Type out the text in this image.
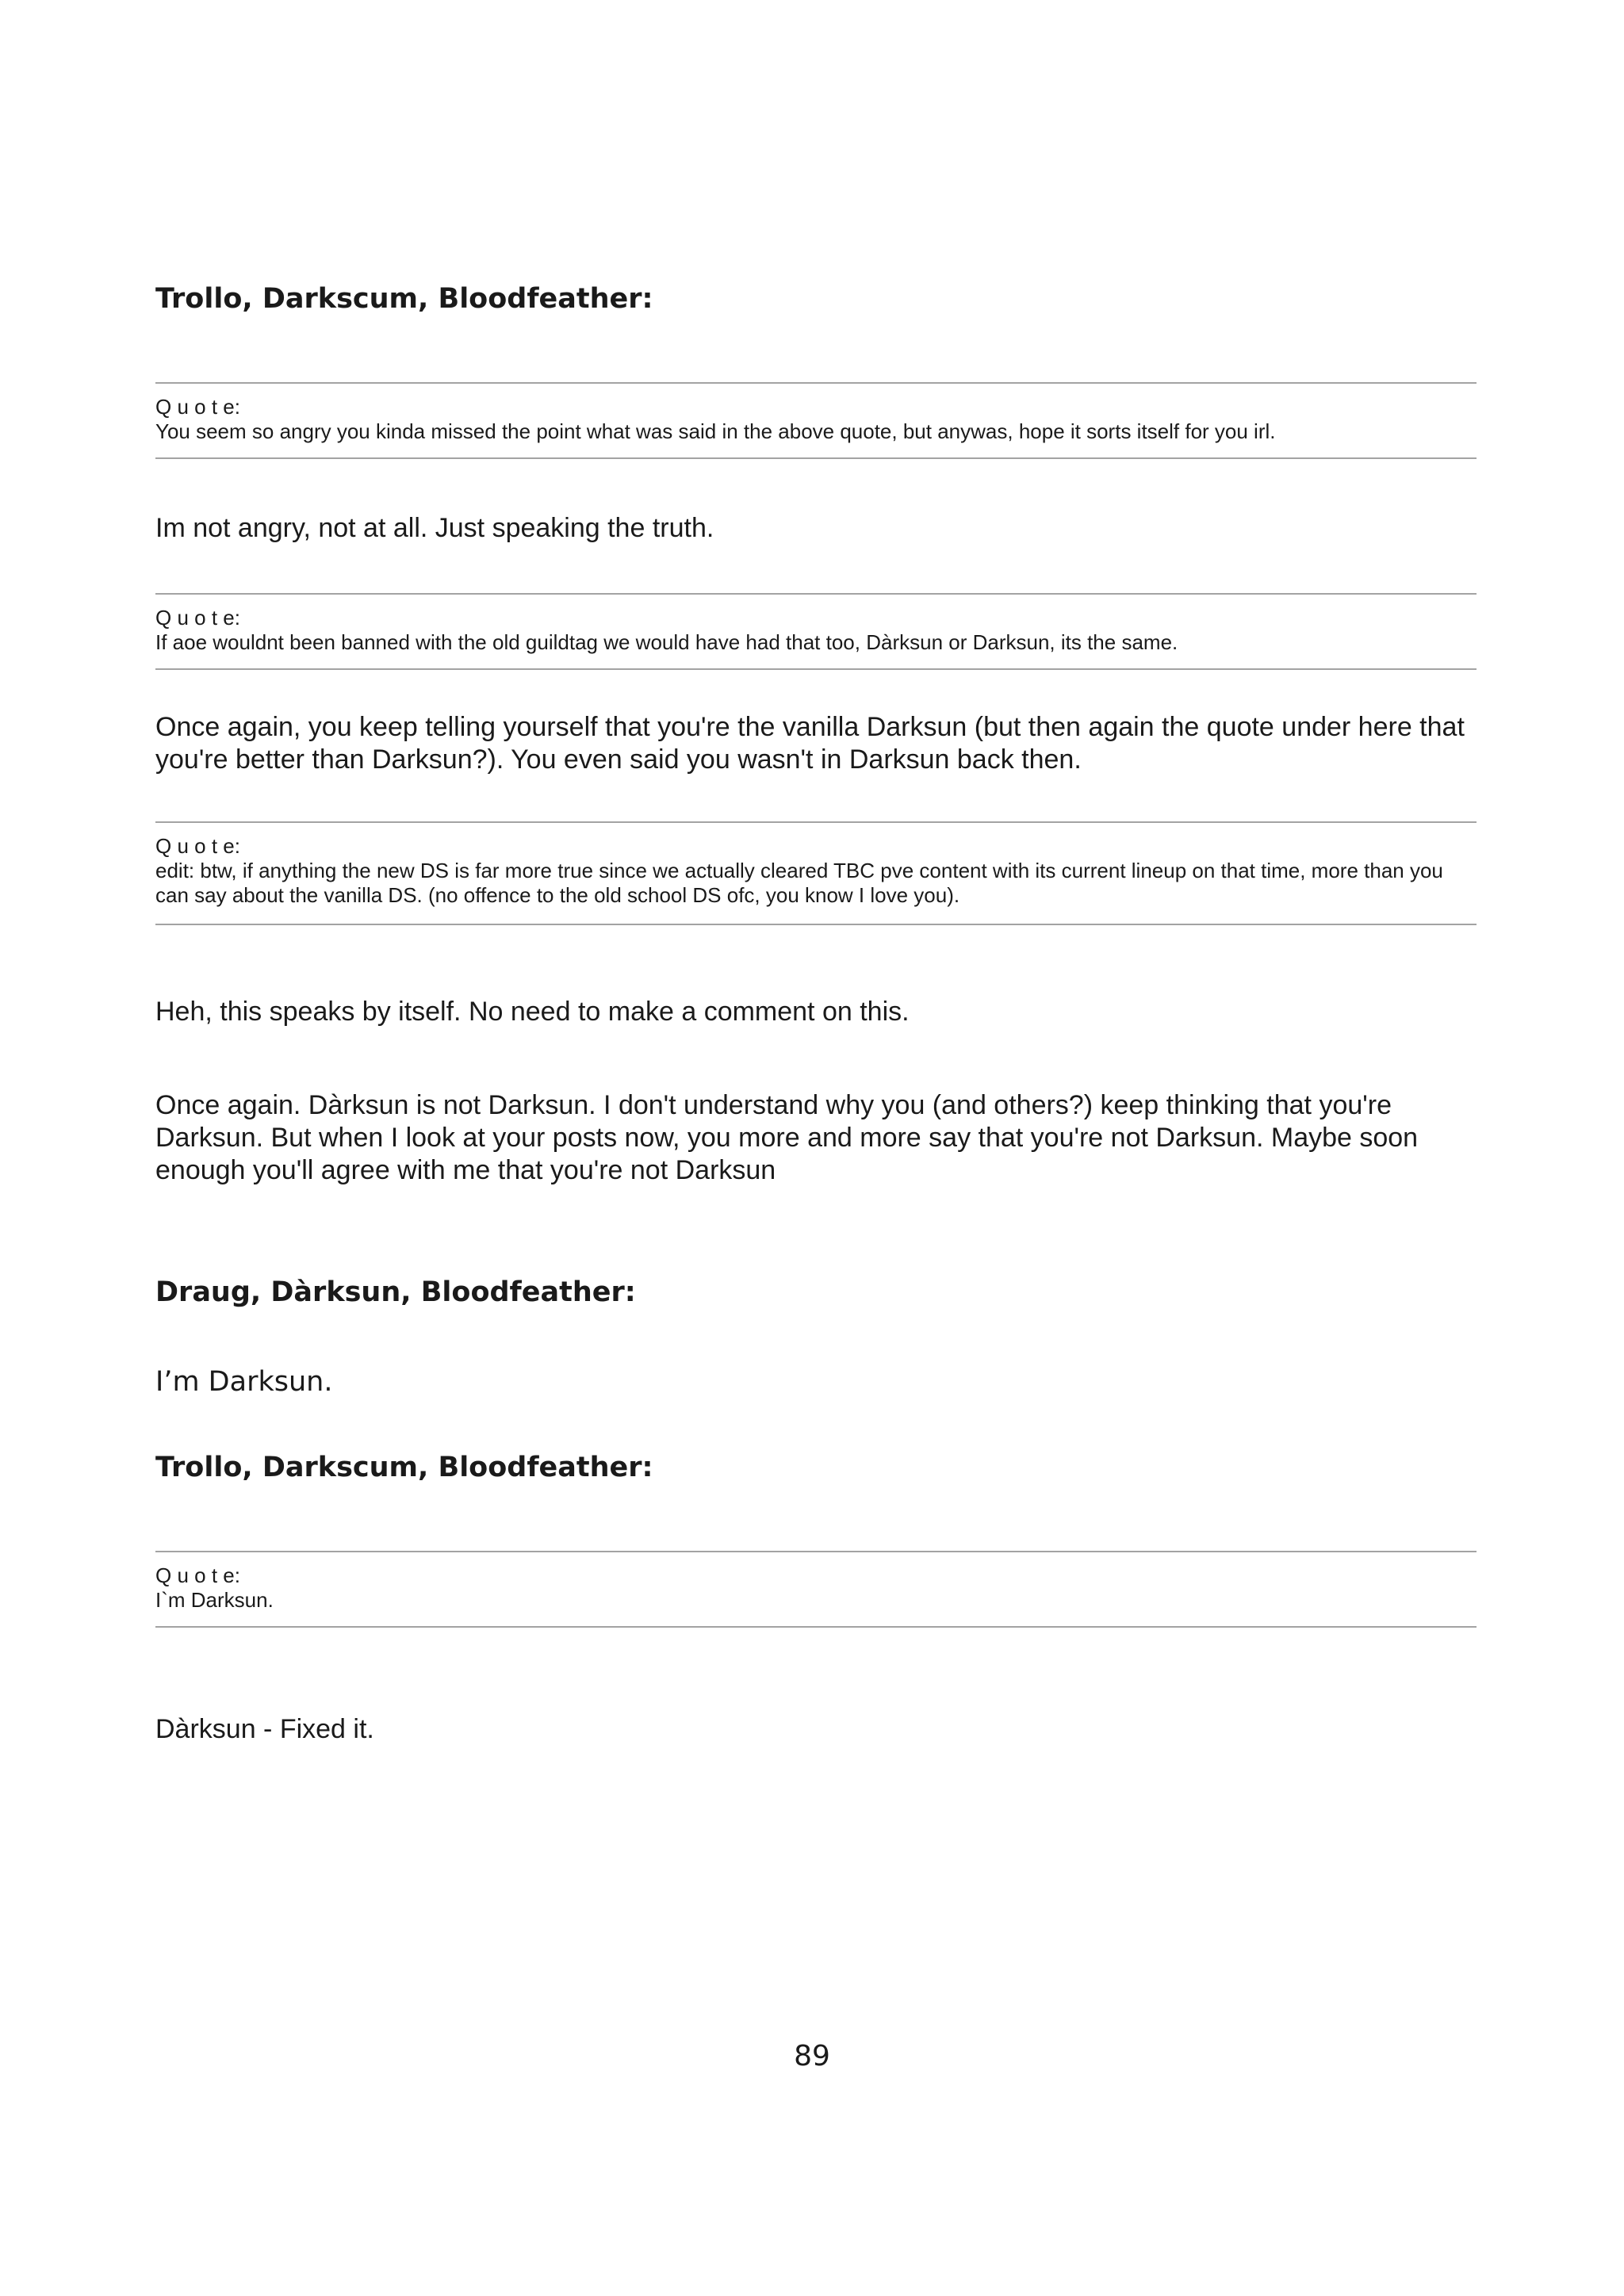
Trollo, Darkscum, Bloodfeather:

Q u o t e:

You seem so angry you kinda missed the point what was said in the above quote, but anywas, hope it sorts itself for you irl.

Im not angry, not at all. Just speaking the truth.

Q u o t e:

If aoe wouldnt been banned with the old guildtag we would have had that too, Dàrksun or Darksun, its the same.

Once again, you keep telling yourself that you're the vanilla Darksun (but then again the quote under here that you're better than Darksun?). You even said you wasn't in Darksun back then.

Q u o t e:

edit: btw, if anything the new DS is far more true since we actually cleared TBC pve content with its current lineup on that time, more than you can say about the vanilla DS. (no offence to the old school DS ofc, you know I love you).

Heh, this speaks by itself. No need to make a comment on this.

Once again. Dàrksun is not Darksun. I don't understand why you (and others?) keep thinking that you're Darksun. But when I look at your posts now, you more and more say that you're not Darksun. Maybe soon enough you'll agree with me that you're not Darksun

Draug, Dàrksun, Bloodfeather:

I’m Darksun.

Trollo, Darkscum, Bloodfeather:

Q u o t e:

I`m Darksun.

Dàrksun - Fixed it.

89
